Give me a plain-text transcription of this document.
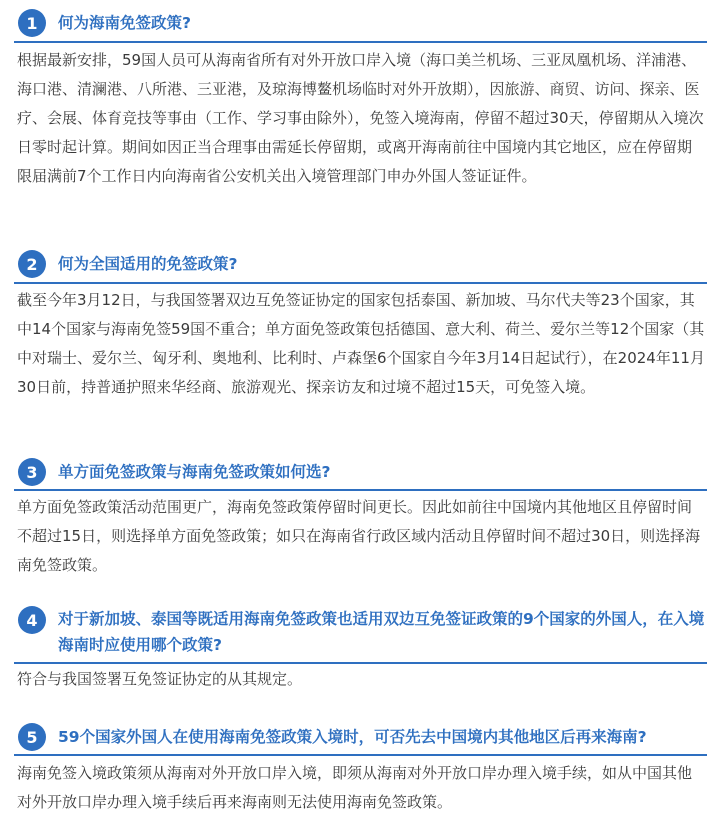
1	何为海南免签政策?
根据最新安排，59国人员可从海南省所有对外开放口岸入境（海口美兰机场、三亚凤凰机场、洋浦港、海口港、清澜港、八所港、三亚港，及琼海博鳌机场临时对外开放期），因旅游、商贸、访问、探亲、医疗、会展、体育竞技等事由（工作、学习事由除外），免签入境海南，停留不超过30天，停留期从入境次日零时起计算。期间如因正当合理事由需延长停留期，或离开海南前往中国境内其它地区，应在停留期限届满前7个工作日内向海南省公安机关出入境管理部门申办外国人签证证件。
2	何为全国适用的免签政策?
截至今年3月12日，与我国签署双边互免签证协定的国家包括泰国、新加坡、马尔代夫等23个国家，其中14个国家与海南免签59国不重合；单方面免签政策包括德国、意大利、荷兰、爱尔兰等12个国家（其中对瑞士、爱尔兰、匈牙利、奥地利、比利时、卢森堡6个国家自今年3月14日起试行），在2024年11月30日前，持普通护照来华经商、旅游观光、探亲访友和过境不超过15天，可免签入境。
3	单方面免签政策与海南免签政策如何选?
单方面免签政策活动范围更广，海南免签政策停留时间更长。因此如前往中国境内其他地区且停留时间不超过15日，则选择单方面免签政策；如只在海南省行政区域内活动且停留时间不超过30日，则选择海南免签政策。
4	对于新加坡、泰国等既适用海南免签政策也适用双边互免签证政策的9个国家的外国人，在入境海南时应使用哪个政策?
符合与我国签署互免签证协定的从其规定。
5	59个国家外国人在使用海南免签政策入境时，可否先去中国境内其他地区后再来海南?
海南免签入境政策须从海南对外开放口岸入境，即须从海南对外开放口岸办理入境手续，如从中国其他对外开放口岸办理入境手续后再来海南则无法使用海南免签政策。
